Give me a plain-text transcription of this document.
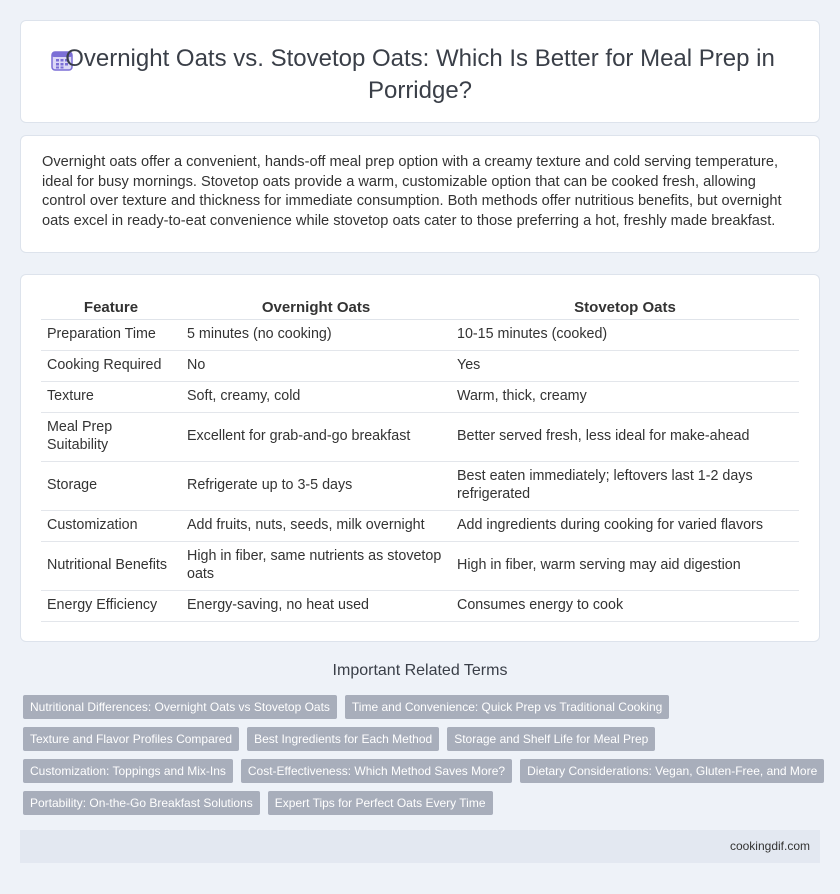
Overnight Oats vs. Stovetop Oats: Which Is Better for Meal Prep in Porridge?

Overnight oats offer a convenient, hands-off meal prep option with a creamy texture and cold serving temperature, ideal for busy mornings. Stovetop oats provide a warm, customizable option that can be cooked fresh, allowing control over texture and thickness for immediate consumption. Both methods offer nutritious benefits, but overnight oats excel in ready-to-eat convenience while stovetop oats cater to those preferring a hot, freshly made breakfast.

Feature	Overnight Oats	Stovetop Oats
Preparation Time	5 minutes (no cooking)	10-15 minutes (cooked)
Cooking Required	No	Yes
Texture	Soft, creamy, cold	Warm, thick, creamy
Meal Prep Suitability	Excellent for grab-and-go breakfast	Better served fresh, less ideal for make-ahead
Storage	Refrigerate up to 3-5 days	Best eaten immediately; leftovers last 1-2 days refrigerated
Customization	Add fruits, nuts, seeds, milk overnight	Add ingredients during cooking for varied flavors
Nutritional Benefits	High in fiber, same nutrients as stovetop oats	High in fiber, warm serving may aid digestion
Energy Efficiency	Energy-saving, no heat used	Consumes energy to cook
Important Related Terms
Nutritional Differences: Overnight Oats vs Stovetop Oats	Time and Convenience: Quick Prep vs Traditional Cooking
Texture and Flavor Profiles Compared	Best Ingredients for Each Method	Storage and Shelf Life for Meal Prep
Customization: Toppings and Mix-Ins	Cost-Effectiveness: Which Method Saves More?	Dietary Considerations: Vegan, Gluten-Free, and More
Portability: On-the-Go Breakfast Solutions	Expert Tips for Perfect Oats Every Time
cookingdif.com
